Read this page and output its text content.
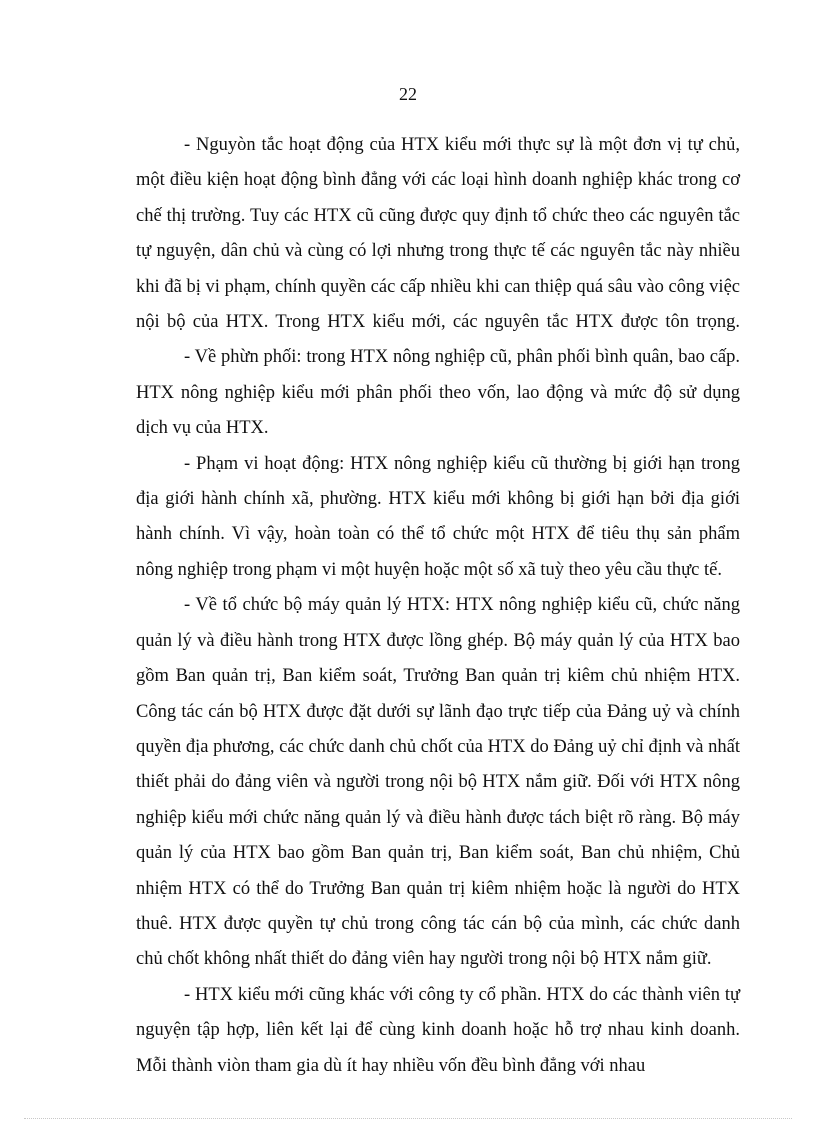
22

- Nguyòn tắc hoạt động của HTX kiểu mới thực sự là một đơn vị tự chủ, một điều kiện hoạt động bình đẳng với các loại hình doanh nghiệp khác trong cơ chế thị trường. Tuy các HTX cũ cũng được quy định tổ chức theo các nguyên tắc tự nguyện, dân chủ và cùng có lợi nhưng trong thực tế các nguyên tắc này nhiều khi đã bị vi phạm, chính quyền các cấp nhiều khi can thiệp quá sâu vào công việc nội bộ của HTX. Trong HTX kiểu mới, các nguyên tắc HTX được tôn trọng.

- Về phừn phối: trong HTX nông nghiệp cũ, phân phối bình quân, bao cấp. HTX nông nghiệp kiểu mới phân phối theo vốn, lao động và mức độ sử dụng dịch vụ của HTX.

- Phạm vi hoạt động: HTX nông nghiệp kiểu cũ thường bị giới hạn trong địa giới hành chính xã, phường. HTX kiểu mới không bị giới hạn bởi địa giới hành chính. Vì vậy, hoàn toàn có thể tổ chức một HTX để tiêu thụ sản phẩm nông nghiệp trong phạm vi một huyện hoặc một số xã tuỳ theo yêu cầu thực tế.

- Về tổ chức bộ máy quản lý HTX: HTX nông nghiệp kiểu cũ, chức năng quản lý và điều hành trong HTX được lồng ghép. Bộ máy quản lý của HTX bao gồm Ban quản trị, Ban kiểm soát, Trưởng Ban quản trị kiêm chủ nhiệm HTX. Công tác cán bộ HTX được đặt dưới sự lãnh đạo trực tiếp của Đảng uỷ và chính quyền địa phương, các chức danh chủ chốt của HTX do Đảng uỷ chỉ định và nhất thiết phải do đảng viên và người trong nội bộ HTX nắm giữ. Đối với HTX nông nghiệp kiểu mới chức năng quản lý và điều hành được tách biệt rõ ràng. Bộ máy quản lý của HTX bao gồm Ban quản trị, Ban kiểm soát, Ban chủ nhiệm, Chủ nhiệm HTX có thể do Trưởng Ban quản trị kiêm nhiệm hoặc là người do HTX thuê. HTX được quyền tự chủ trong công tác cán bộ của mình, các chức danh chủ chốt không nhất thiết do đảng viên hay người trong nội bộ HTX nắm giữ.

- HTX kiểu mới cũng khác với công ty cổ phần. HTX do các thành viên tự nguyện tập hợp, liên kết lại để cùng kinh doanh hoặc hỗ trợ nhau kinh doanh. Mỗi thành viòn tham gia dù ít hay nhiều vốn đều bình đẳng với nhau
